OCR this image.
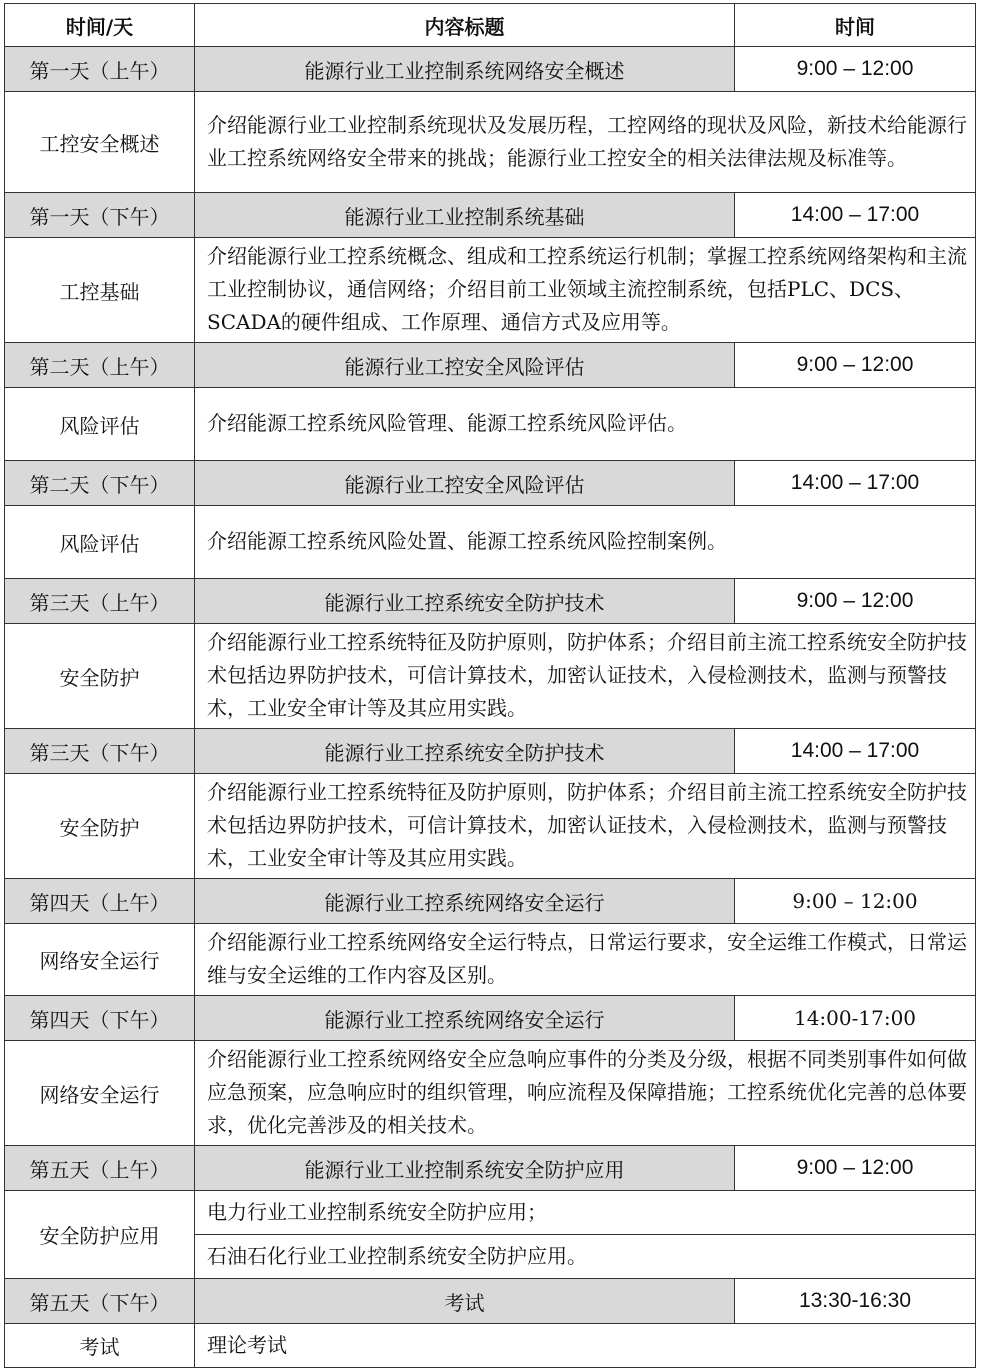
时间/天	内容标题	时间
第一天（上午）	能源行业工业控制系统网络安全概述	9:00 – 12:00
工控安全概述	介绍能源行业工业控制系统现状及发展历程，工控网络的现状及风险，新技术给能源行业工控系统网络安全带来的挑战；能源行业工控安全的相关法律法规及标准等。	
第一天（下午）	能源行业工业控制系统基础	14:00 – 17:00
工控基础	介绍能源行业工控系统概念、组成和工控系统运行机制；掌握工控系统网络架构和主流工业控制协议，通信网络；介绍目前工业领域主流控制系统，包括PLC、DCS、SCADA的硬件组成、工作原理、通信方式及应用等。	
第二天（上午）	能源行业工控安全风险评估	9:00 – 12:00
风险评估	介绍能源工控系统风险管理、能源工控系统风险评估。	
第二天（下午）	能源行业工控安全风险评估	14:00 – 17:00
风险评估	介绍能源工控系统风险处置、能源工控系统风险控制案例。	
第三天（上午）	能源行业工控系统安全防护技术	9:00 – 12:00
安全防护	介绍能源行业工控系统特征及防护原则，防护体系；介绍目前主流工控系统安全防护技术包括边界防护技术，可信计算技术，加密认证技术，入侵检测技术，监测与预警技术，工业安全审计等及其应用实践。	
第三天（下午）	能源行业工控系统安全防护技术	14:00 – 17:00
安全防护	介绍能源行业工控系统特征及防护原则，防护体系；介绍目前主流工控系统安全防护技术包括边界防护技术，可信计算技术，加密认证技术，入侵检测技术，监测与预警技术，工业安全审计等及其应用实践。	
第四天（上午）	能源行业工控系统网络安全运行	9:00 – 12:00
网络安全运行	介绍能源行业工控系统网络安全运行特点，日常运行要求，安全运维工作模式，日常运维与安全运维的工作内容及区别。	
第四天（下午）	能源行业工控系统网络安全运行	14:00-17:00
网络安全运行	介绍能源行业工控系统网络安全应急响应事件的分类及分级，根据不同类别事件如何做应急预案，应急响应时的组织管理，响应流程及保障措施；工控系统优化完善的总体要求，优化完善涉及的相关技术。	
第五天（上午）	能源行业工业控制系统安全防护应用	9:00 – 12:00
安全防护应用	电力行业工业控制系统安全防护应用；	
	石油石化行业工业控制系统安全防护应用。	
第五天（下午）	考试	13:30-16:30
考试	理论考试	
